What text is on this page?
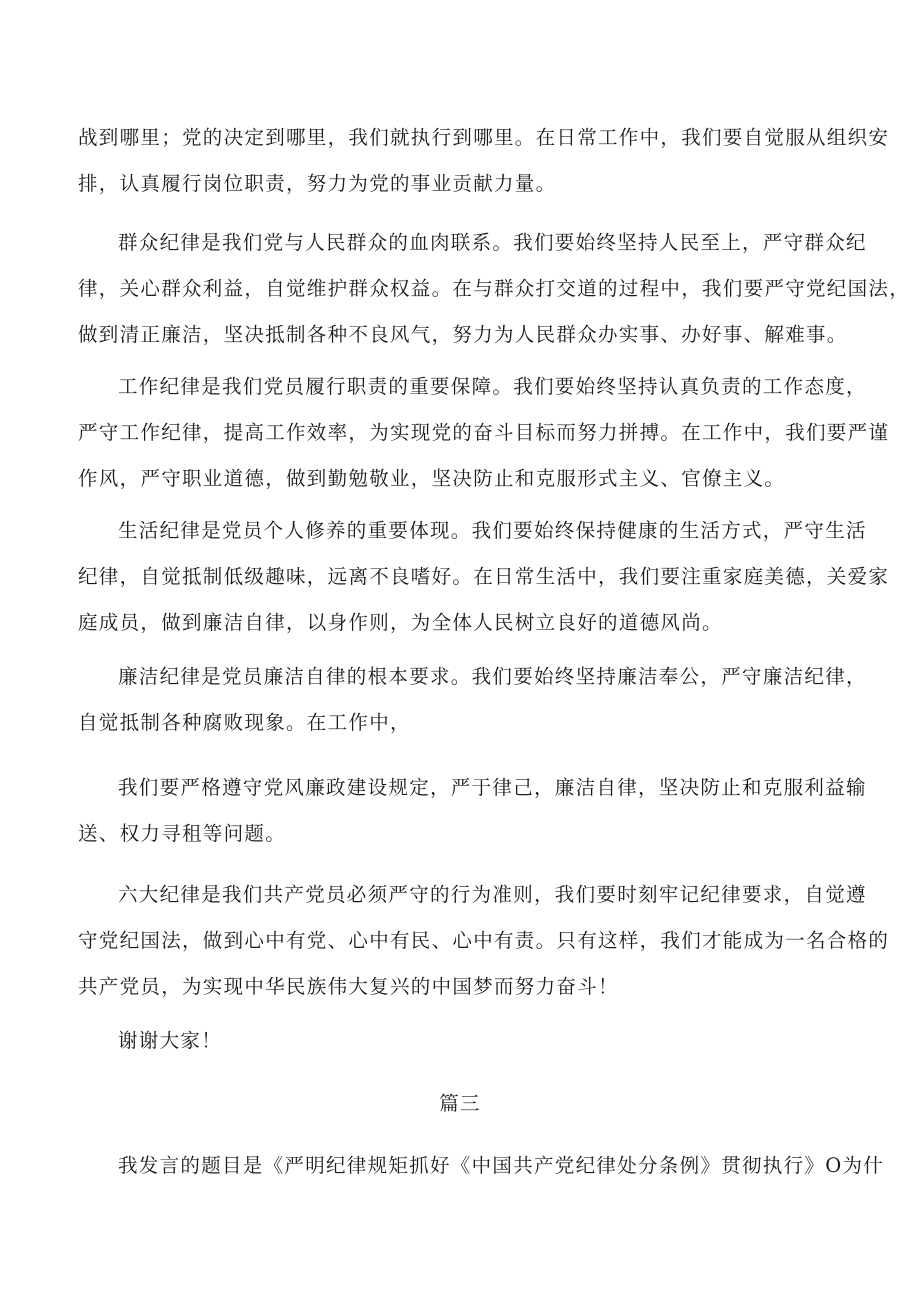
战到哪里；党的决定到哪里，我们就执行到哪里。在日常工作中，我们要自觉服从组织安
排，认真履行岗位职责，努力为党的事业贡献力量。

群众纪律是我们党与人民群众的血肉联系。我们要始终坚持人民至上，严守群众纪
律，关心群众利益，自觉维护群众权益。在与群众打交道的过程中，我们要严守党纪国法，
做到清正廉洁，坚决抵制各种不良风气，努力为人民群众办实事、办好事、解难事。

工作纪律是我们党员履行职责的重要保障。我们要始终坚持认真负责的工作态度，
严守工作纪律，提高工作效率，为实现党的奋斗目标而努力拼搏。在工作中，我们要严谨
作风，严守职业道德，做到勤勉敬业，坚决防止和克服形式主义、官僚主义。

生活纪律是党员个人修养的重要体现。我们要始终保持健康的生活方式，严守生活
纪律，自觉抵制低级趣味，远离不良嗜好。在日常生活中，我们要注重家庭美德，关爱家
庭成员，做到廉洁自律，以身作则，为全体人民树立良好的道德风尚。

廉洁纪律是党员廉洁自律的根本要求。我们要始终坚持廉洁奉公，严守廉洁纪律，
自觉抵制各种腐败现象。在工作中，

我们要严格遵守党风廉政建设规定，严于律己，廉洁自律，坚决防止和克服利益输
送、权力寻租等问题。

六大纪律是我们共产党员必须严守的行为准则，我们要时刻牢记纪律要求，自觉遵
守党纪国法，做到心中有党、心中有民、心中有责。只有这样，我们才能成为一名合格的
共产党员，为实现中华民族伟大复兴的中国梦而努力奋斗！

谢谢大家！

篇三

我发言的题目是《严明纪律规矩抓好《中国共产党纪律处分条例》贯彻执行》O为什
